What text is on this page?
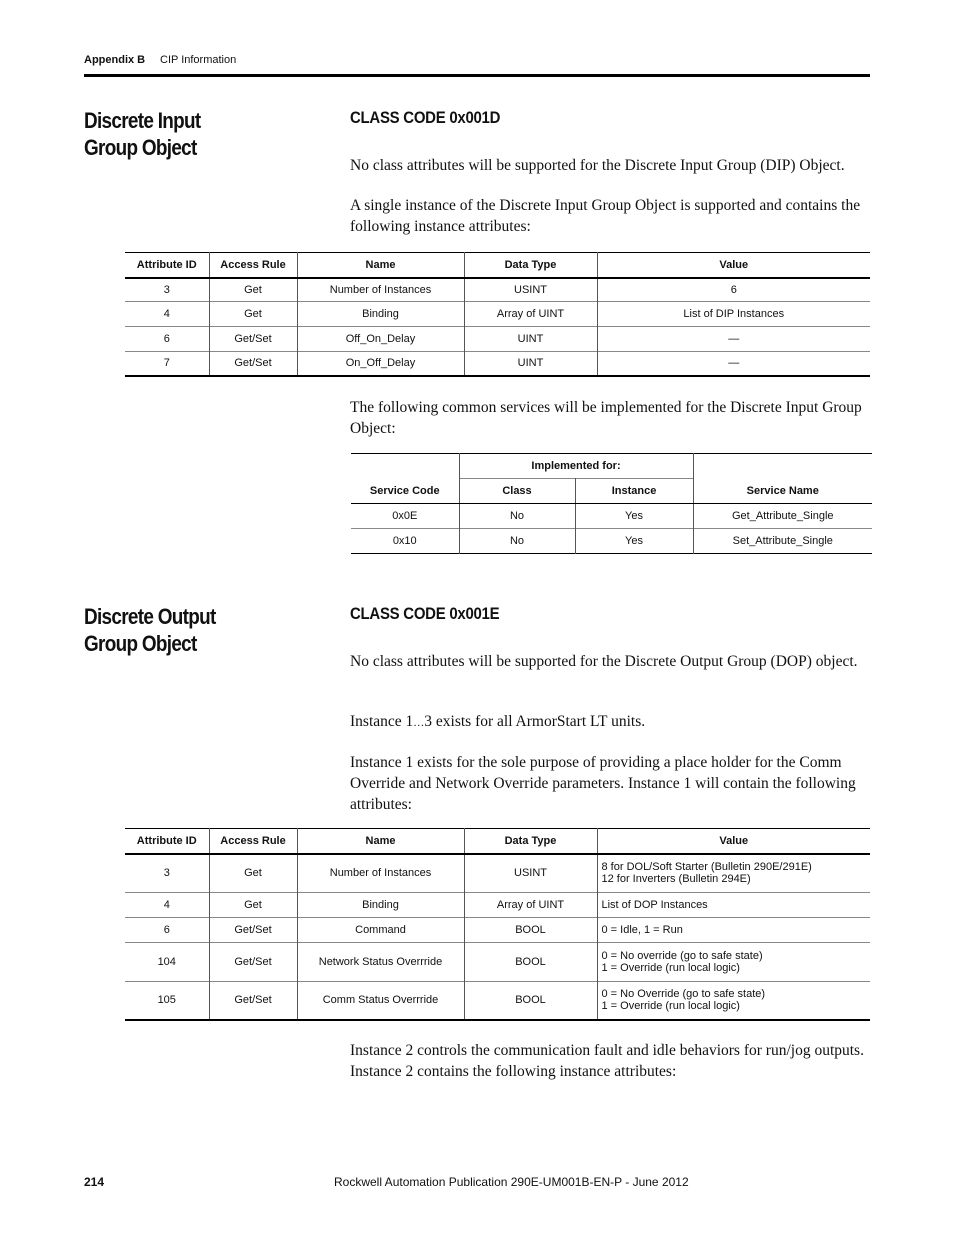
Appendix B CIP Information
Discrete Input
Group Object
CLASS CODE 0x001D
No class attributes will be supported for the Discrete Input Group (DIP) Object.
A single instance of the Discrete Input Group Object is supported and contains the following instance attributes:
Attribute ID	Access Rule	Name	Data Type	Value
3	Get	Number of Instances	USINT	6
4	Get	Binding	Array of UINT	List of DIP Instances
6	Get/Set	Off_On_Delay	UINT	—
7	Get/Set	On_Off_Delay	UINT	—
The following common services will be implemented for the Discrete Input Group Object:
Service Code	Implemented for:		Service Name
	Class	Instance	
0x0E	No	Yes	Get_Attribute_Single
0x10	No	Yes	Set_Attribute_Single
Discrete Output
Group Object
CLASS CODE 0x001E
No class attributes will be supported for the Discrete Output Group (DOP) object.
Instance 1…3 exists for all ArmorStart LT units.
Instance 1 exists for the sole purpose of providing a place holder for the Comm Override and Network Override parameters. Instance 1 will contain the following attributes:
Attribute ID	Access Rule	Name	Data Type	Value
3	Get	Number of Instances	USINT	8 for DOL/Soft Starter (Bulletin 290E/291E)
12 for Inverters (Bulletin 294E)

4	Get	Binding	Array of UINT	List of DOP Instances
6	Get/Set	Command	BOOL	0 = Idle, 1 = Run
104	Get/Set	Network Status Overrride	BOOL	0 = No override (go to safe state)
1 = Override (run local logic)

105	Get/Set	Comm Status Overrride	BOOL	0 = No Override (go to safe state)
1 = Override (run local logic)
Instance 2 controls the communication fault and idle behaviors for run/jog outputs. Instance 2 contains the following instance attributes:
214	Rockwell Automation Publication 290E-UM001B-EN-P - June 2012
